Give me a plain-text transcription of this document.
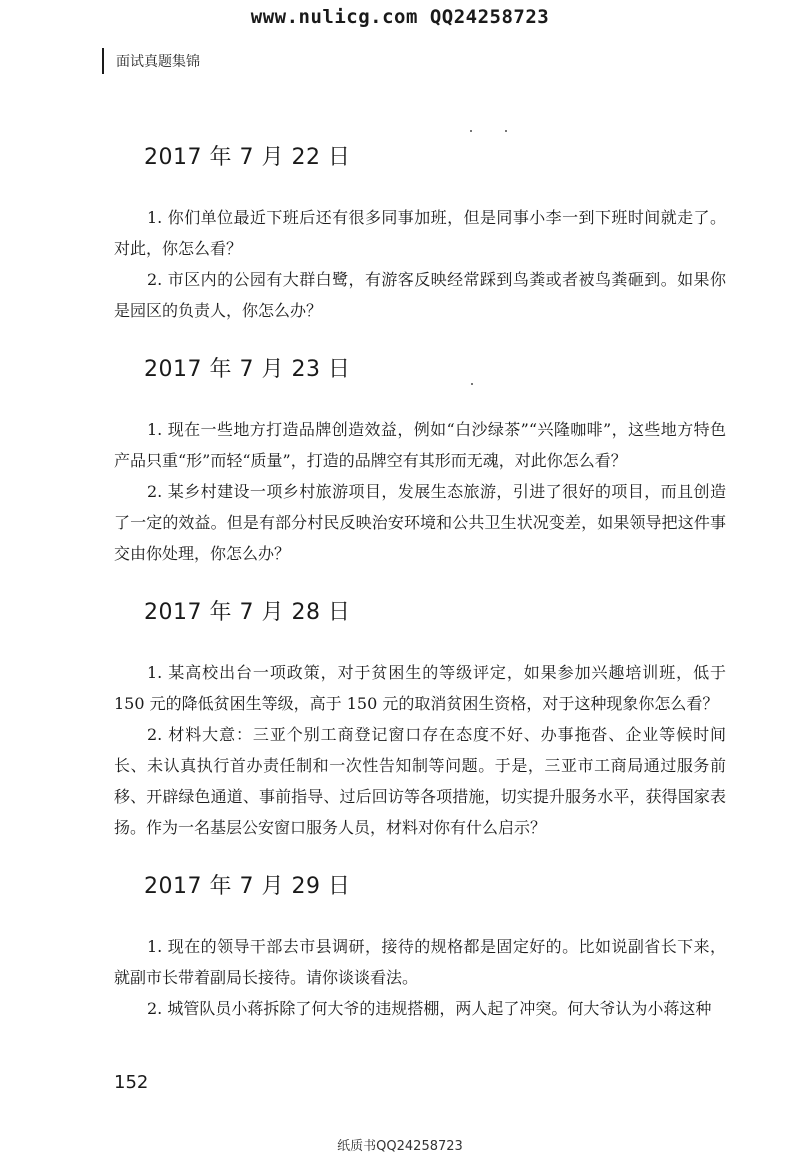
www.nulicg.com QQ24258723
面试真题集锦
2017 年 7 月 22 日

1. 你们单位最近下班后还有很多同事加班，但是同事小李一到下班时间就走了。对此，你怎么看？

2. 市区内的公园有大群白鹭，有游客反映经常踩到鸟粪或者被鸟粪砸到。如果你是园区的负责人，你怎么办？

2017 年 7 月 23 日

1. 现在一些地方打造品牌创造效益，例如“白沙绿茶”“兴隆咖啡”，这些地方特色产品只重“形”而轻“质量”，打造的品牌空有其形而无魂，对此你怎么看？

2. 某乡村建设一项乡村旅游项目，发展生态旅游，引进了很好的项目，而且创造了一定的效益。但是有部分村民反映治安环境和公共卫生状况变差，如果领导把这件事交由你处理，你怎么办？

2017 年 7 月 28 日

1. 某高校出台一项政策，对于贫困生的等级评定，如果参加兴趣培训班，低于 150 元的降低贫困生等级，高于 150 元的取消贫困生资格，对于这种现象你怎么看？

2. 材料大意：三亚个别工商登记窗口存在态度不好、办事拖沓、企业等候时间长、未认真执行首办责任制和一次性告知制等问题。于是，三亚市工商局通过服务前移、开辟绿色通道、事前指导、过后回访等各项措施，切实提升服务水平，获得国家表扬。作为一名基层公安窗口服务人员，材料对你有什么启示？

2017 年 7 月 29 日

1. 现在的领导干部去市县调研，接待的规格都是固定好的。比如说副省长下来，就副市长带着副局长接待。请你谈谈看法。

2. 城管队员小蒋拆除了何大爷的违规搭棚，两人起了冲突。何大爷认为小蒋这种

152
纸质书QQ24258723
